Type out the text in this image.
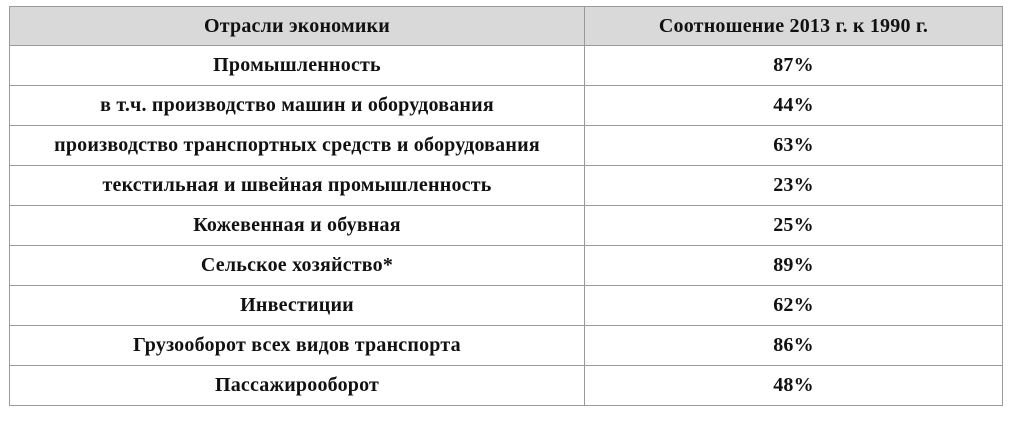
Отрасли экономики	Соотношение 2013 г. к 1990 г.
Промышленность	87%
в т.ч. производство машин и оборудования	44%
производство транспортных средств и оборудования	63%
текстильная и швейная промышленность	23%
Кожевенная и обувная	25%
Сельское хозяйство*	89%
Инвестиции	62%
Грузооборот всех видов транспорта	86%
Пассажирооборот	48%
